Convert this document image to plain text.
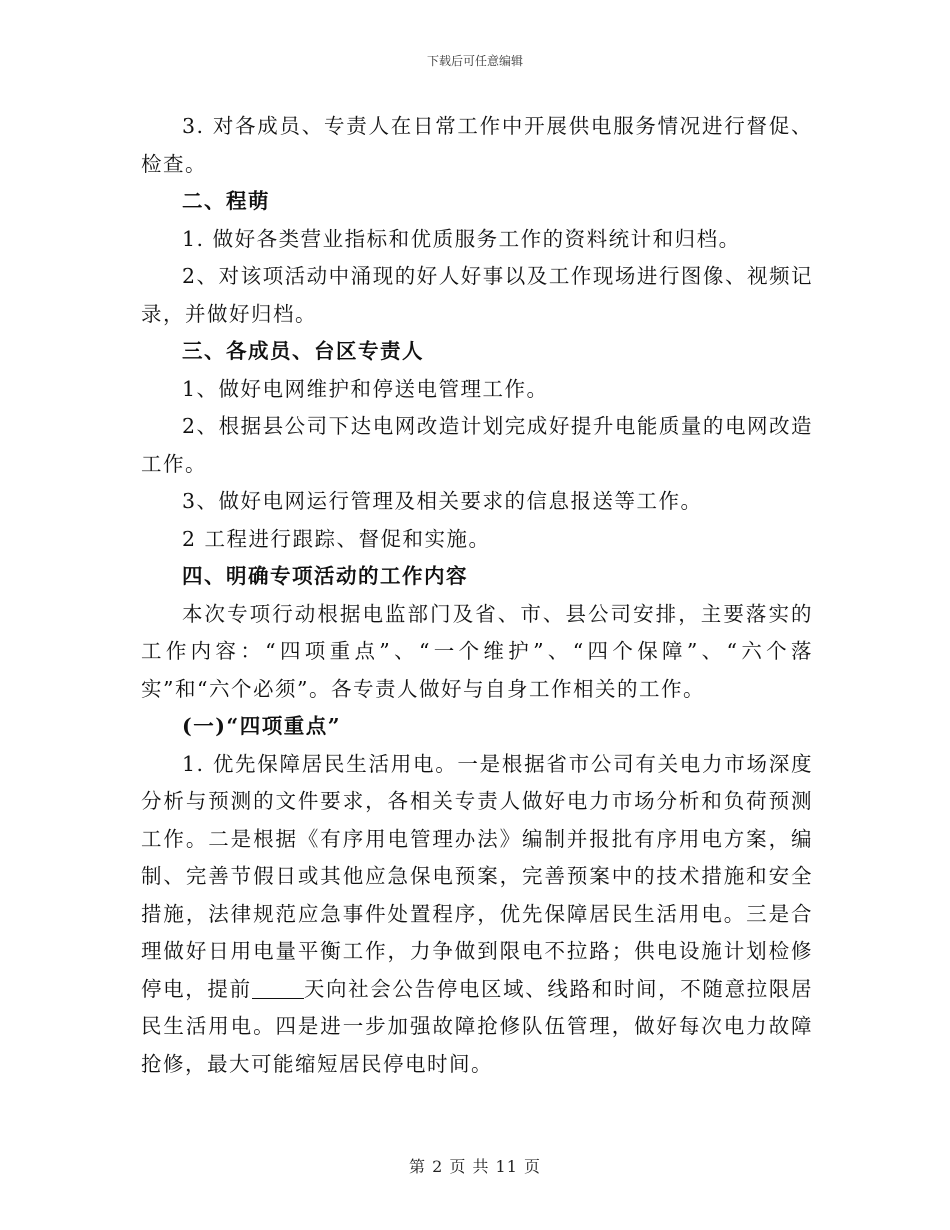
下载后可任意编辑

3. 对各成员、专责人在日常工作中开展供电服务情况进行督促、检查。

二、程萌

1. 做好各类营业指标和优质服务工作的资料统计和归档。

2、对该项活动中涌现的好人好事以及工作现场进行图像、视频记录，并做好归档。

三、各成员、台区专责人

1、做好电网维护和停送电管理工作。

2、根据县公司下达电网改造计划完成好提升电能质量的电网改造工作。

3、做好电网运行管理及相关要求的信息报送等工作。

2 工程进行跟踪、督促和实施。

四、明确专项活动的工作内容

本次专项行动根据电监部门及省、市、县公司安排，主要落实的工作内容：“四项重点”、“一个维护”、“四个保障”、“六个落实”和“六个必须”。各专责人做好与自身工作相关的工作。

(一)“四项重点”

1. 优先保障居民生活用电。一是根据省市公司有关电力市场深度分析与预测的文件要求，各相关专责人做好电力市场分析和负荷预测工作。二是根据《有序用电管理办法》编制并报批有序用电方案，编制、完善节假日或其他应急保电预案，完善预案中的技术措施和安全措施，法律规范应急事件处置程序，优先保障居民生活用电。三是合理做好日用电量平衡工作，力争做到限电不拉路；供电设施计划检修停电，提前	天向社会公告停电区域、线路和时间，不随意拉限居民生活用电。四是进一步加强故障抢修队伍管理，做好每次电力故障抢修，最大可能缩短居民停电时间。

第 2 页 共 11 页
